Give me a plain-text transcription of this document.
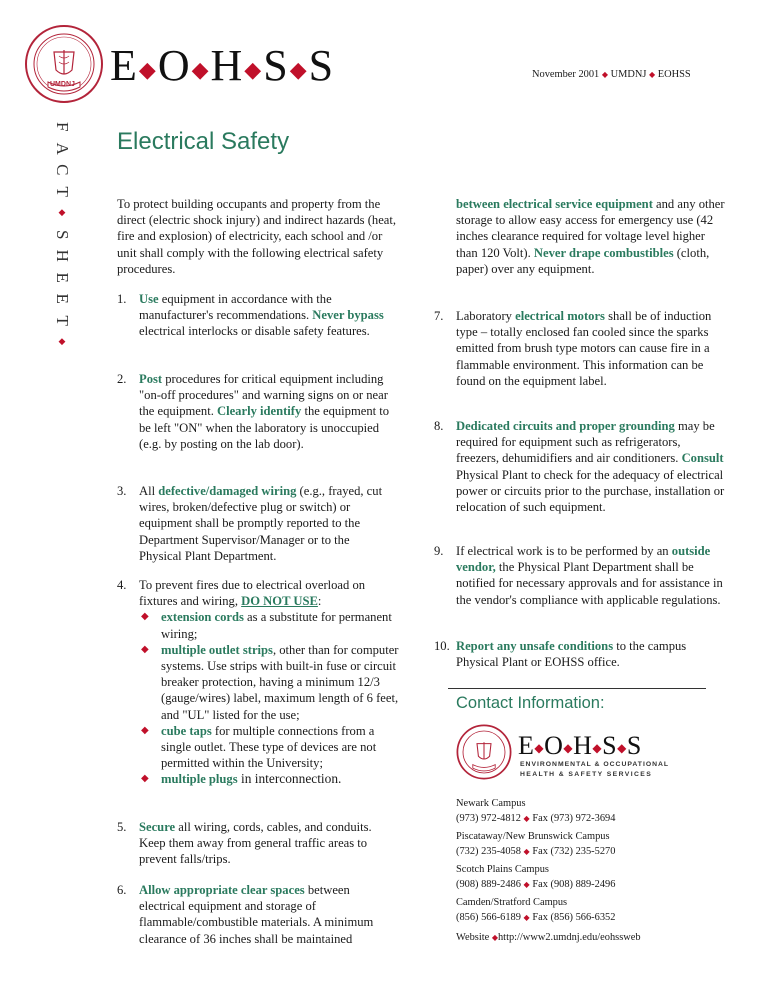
UMDNJ E◆O◆H◆S◆S	November 2001 ◆ UMDNJ ◆ EOHSS
F
A
C
T
◆
S
H
E
E
T
◆
Electrical Safety

To protect building occupants and property from the direct (electric shock injury) and indirect hazards (heat, fire and explosion) of electricity, each school and /or unit shall comply with the following electrical safety procedures.

1. Use equipment in accordance with the manufacturer's recommendations. Never bypass electrical interlocks or disable safety features.

2. Post procedures for critical equipment including "on-off procedures" and warning signs on or near the equipment. Clearly identify the equipment to be left "ON" when the laboratory is unoccupied (e.g. by posting on the lab door).

3. All defective/damaged wiring (e.g., frayed, cut wires, broken/defective plug or switch) or equipment shall be promptly reported to the Department Supervisor/Manager or to the Physical Plant Department.

4. To prevent fires due to electrical overload on fixtures and wiring, DO NOT USE:

◆ extension cords as a substitute for permanent wiring;
◆ multiple outlet strips, other than for computer systems. Use strips with built-in fuse or circuit breaker protection, having a minimum 12/3 (gauge/wires) label, maximum length of 6 feet, and "UL" listed for the use;
◆ cube taps for multiple connections from a single outlet. These type of devices are not permitted within the University;
◆ multiple plugs in interconnection.
5. Secure all wiring, cords, cables, and conduits. Keep them away from general traffic areas to prevent falls/trips.

6. Allow appropriate clear spaces between electrical equipment and storage of flammable/combustible materials. A minimum clearance of 36 inches shall be maintained

between electrical service equipment and any other storage to allow easy access for emergency use (42 inches clearance required for voltage level higher than 120 Volt). Never drape combustibles (cloth, paper) over any equipment.

7. Laboratory electrical motors shall be of induction type – totally enclosed fan cooled since the sparks emitted from brush type motors can cause fire in a flammable environment. This information can be found on the equipment label.

8. Dedicated circuits and proper grounding may be required for equipment such as refrigerators, freezers, dehumidifiers and air conditioners. Consult Physical Plant to check for the adequacy of electrical power or circuits prior to the purchase, installation or relocation of such equipment.

9. If electrical work is to be performed by an outside vendor, the Physical Plant Department shall be notified for necessary approvals and for assistance in the vendor's compliance with applicable regulations.

10. Report any unsafe conditions to the campus Physical Plant or EOHSS office.

Contact Information:
E◆O◆H◆S◆S
ENVIRONMENTAL & OCCUPATIONAL
HEALTH & SAFETY SERVICES
Newark Campus
(973) 972-4812 ◆ Fax (973) 972-3694
Piscataway/New Brunswick Campus
(732) 235-4058 ◆ Fax (732) 235-5270
Scotch Plains Campus
(908) 889-2486 ◆ Fax (908) 889-2496
Camden/Stratford Campus
(856) 566-6189 ◆ Fax (856) 566-6352
Website ◆http://www2.umdnj.edu/eohssweb
